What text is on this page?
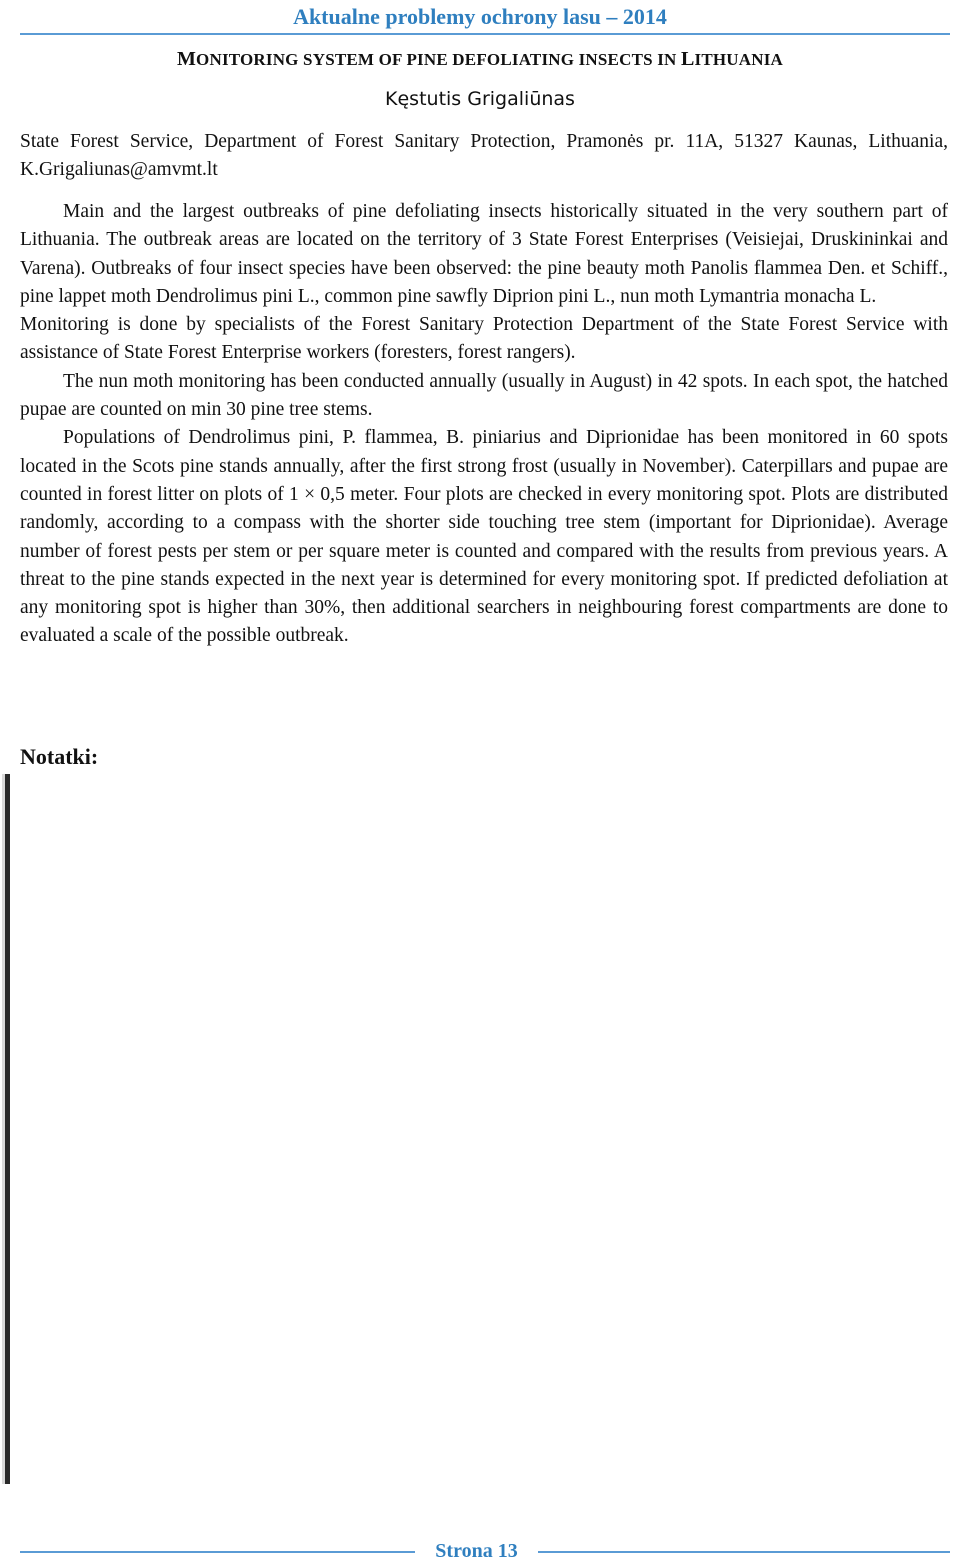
Aktualne problemy ochrony lasu – 2014
MONITORING SYSTEM OF PINE DEFOLIATING INSECTS IN LITHUANIA
Kęstutis Grigaliūnas

State Forest Service, Department of Forest Sanitary Protection, Pramonės pr. 11A, 51327 Kaunas, Lithuania, K.Grigaliunas@amvmt.lt

Main and the largest outbreaks of pine defoliating insects historically situated in the very southern part of Lithuania. The outbreak areas are located on the territory of 3 State Forest Enterprises (Veisiejai, Druskininkai and Varena). Outbreaks of four insect species have been observed: the pine beauty moth Panolis flammea Den. et Schiff., pine lappet moth Dendrolimus pini L., common pine sawfly Diprion pini L., nun moth Lymantria monacha L.

Monitoring is done by specialists of the Forest Sanitary Protection Department of the State Forest Service with assistance of State Forest Enterprise workers (foresters, forest rangers).

The nun moth monitoring has been conducted annually (usually in August) in 42 spots. In each spot, the hatched pupae are counted on min 30 pine tree stems.

Populations of Dendrolimus pini, P. flammea, B. piniarius and Diprionidae has been monitored in 60 spots located in the Scots pine stands annually, after the first strong frost (usually in November). Caterpillars and pupae are counted in forest litter on plots of 1 × 0,5 meter. Four plots are checked in every monitoring spot. Plots are distributed randomly, according to a compass with the shorter side touching tree stem (important for Diprionidae). Average number of forest pests per stem or per square meter is counted and compared with the results from previous years. A threat to the pine stands expected in the next year is determined for every monitoring spot. If predicted defoliation at any monitoring spot is higher than 30%, then additional searchers in neighbouring forest compartments are done to evaluated a scale of the possible outbreak.

Notatki:
Strona 13
